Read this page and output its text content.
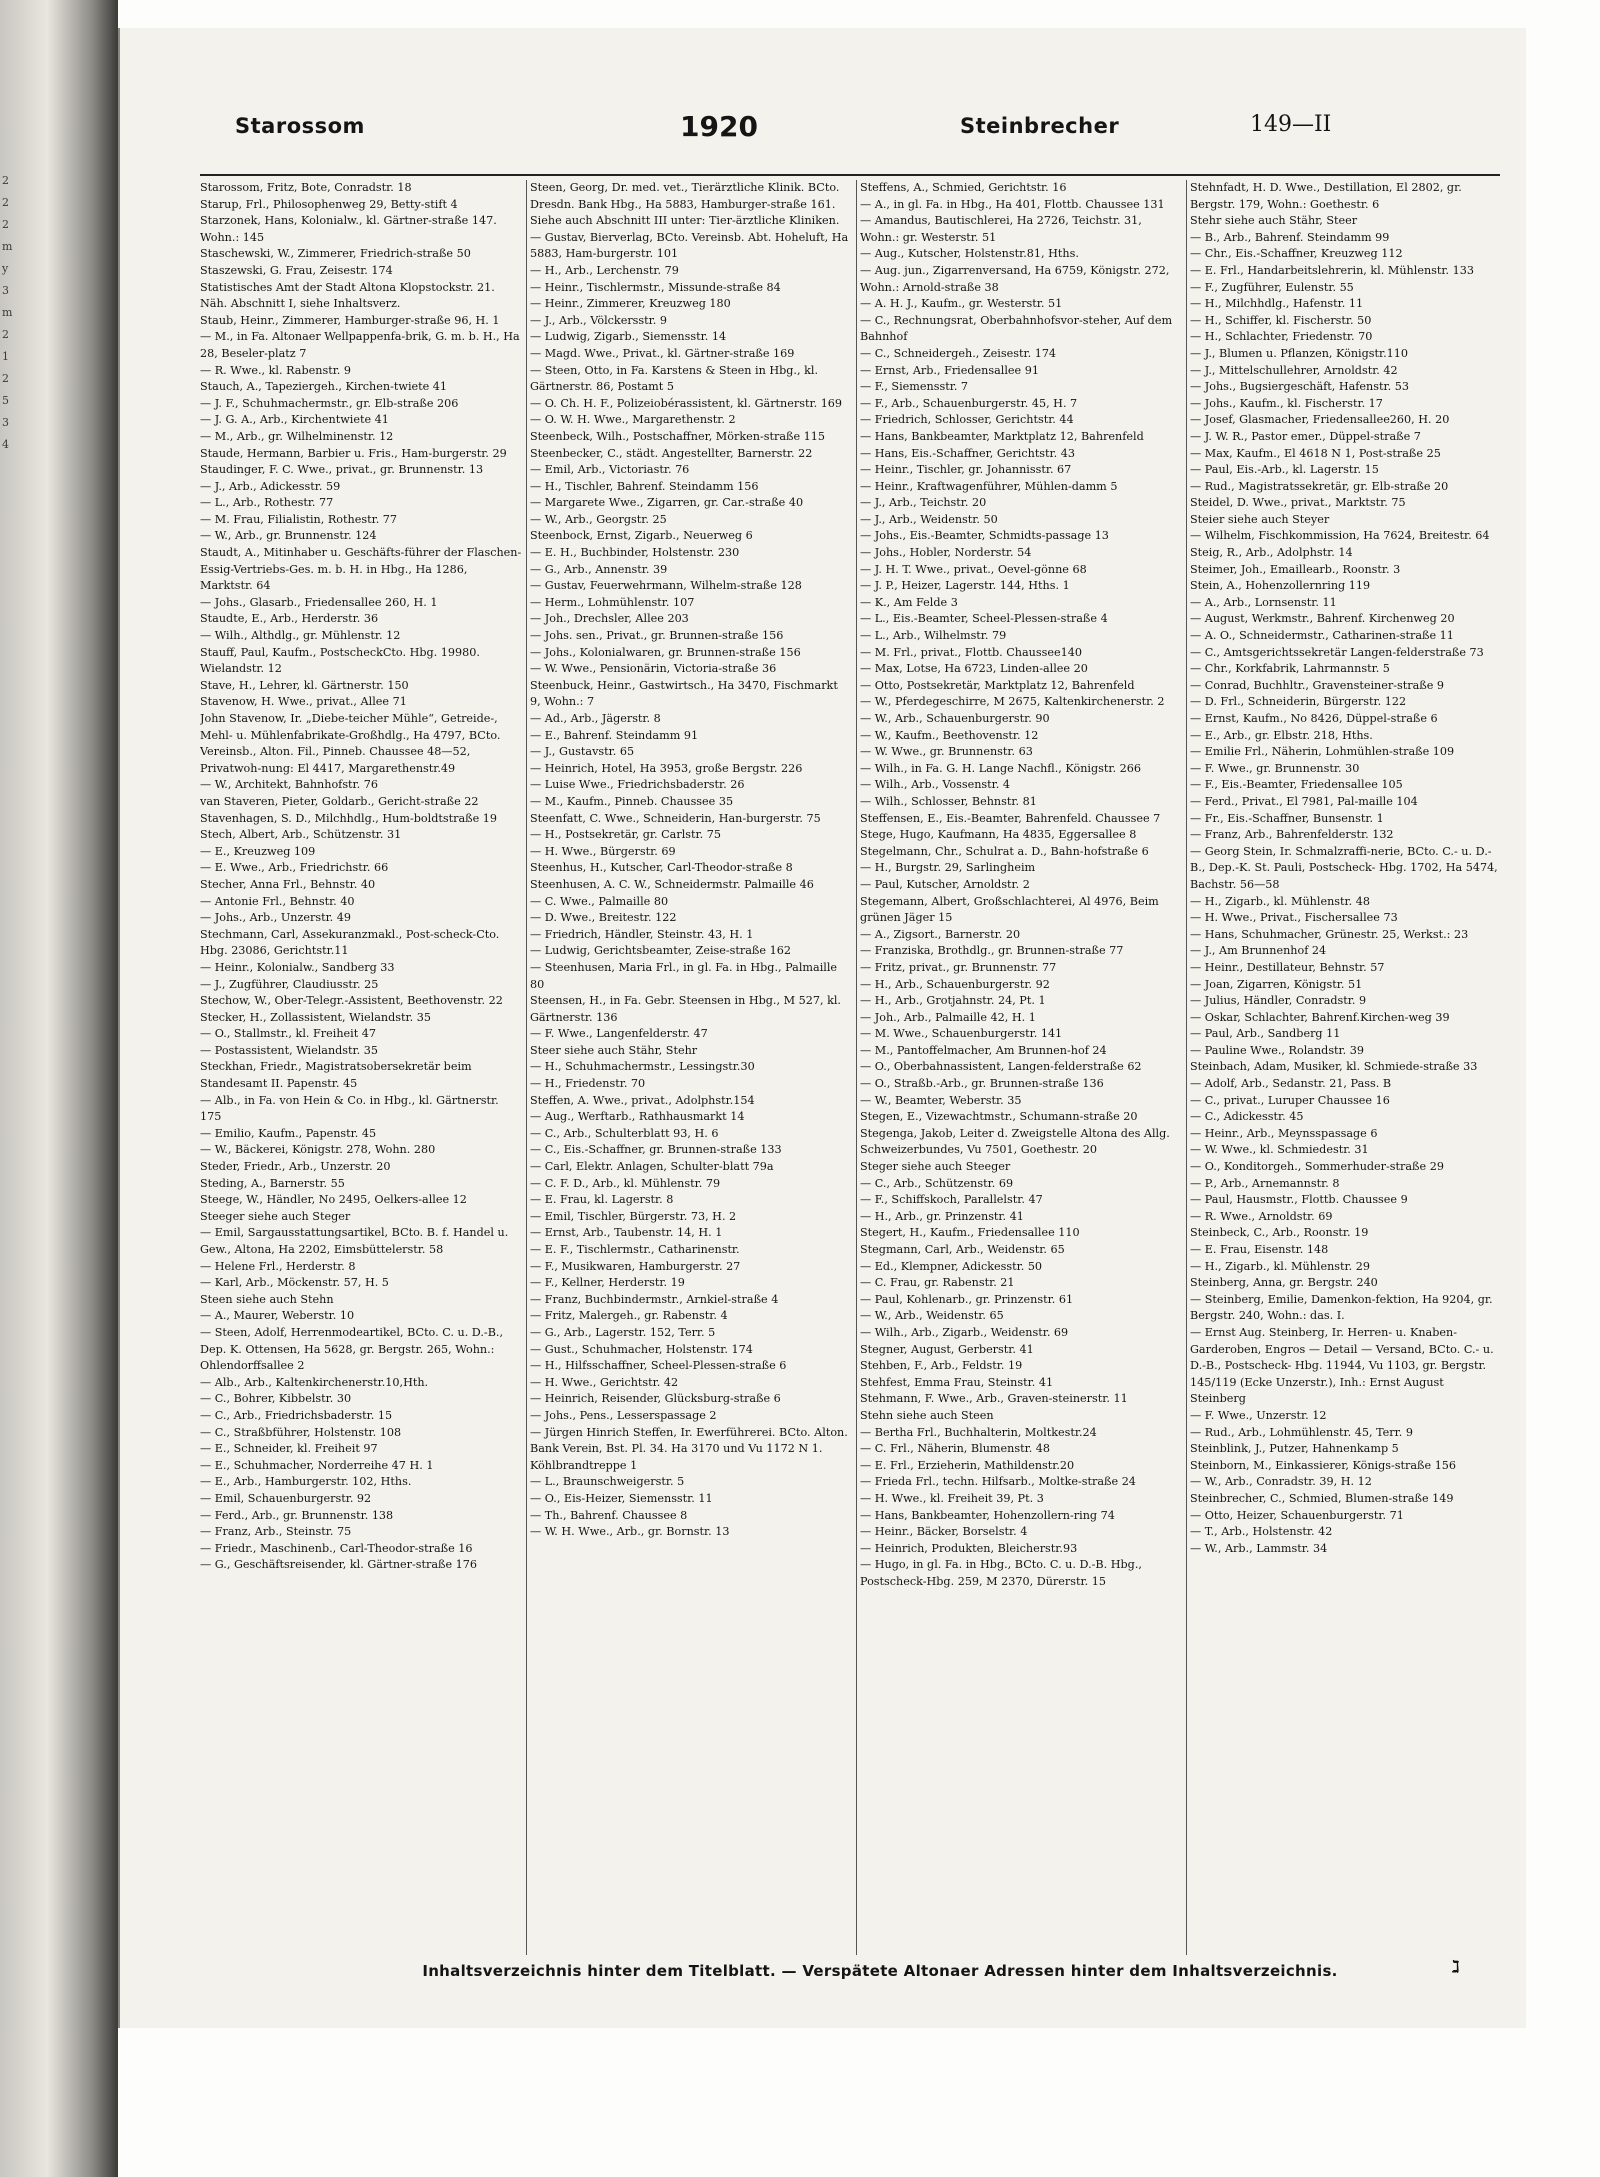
2
2
2
m
y
3
m
2
1
2
5
3
4
Starossom	1920	Steinbrecher	149—II

Starossom, Fritz, Bote, Conradstr. 18

Starup, Frl., Philosophenweg 29, Betty-stift 4

Starzonek, Hans, Kolonialw., kl. Gärtner-straße 147. Wohn.: 145

Staschewski, W., Zimmerer, Friedrich-straße 50

Staszewski, G. Frau, Zeisestr. 174

Statistisches Amt der Stadt Altona Klopstockstr. 21. Näh. Abschnitt I, siehe Inhaltsverz.

Staub, Heinr., Zimmerer, Hamburger-straße 96, H. 1

— M., in Fa. Altonaer Wellpappenfa-brik, G. m. b. H., Ha 28, Beseler-platz 7

— R. Wwe., kl. Rabenstr. 9

Stauch, A., Tapeziergeh., Kirchen-twiete 41

— J. F., Schuhmachermstr., gr. Elb-straße 206

— J. G. A., Arb., Kirchentwiete 41

— M., Arb., gr. Wilhelminenstr. 12

Staude, Hermann, Barbier u. Fris., Ham-burgerstr. 29

Staudinger, F. C. Wwe., privat., gr. Brunnenstr. 13

— J., Arb., Adickesstr. 59

— L., Arb., Rothestr. 77

— M. Frau, Filialistin, Rothestr. 77

— W., Arb., gr. Brunnenstr. 124

Staudt, A., Mitinhaber u. Geschäfts-führer der Flaschen-Essig-Vertriebs-Ges. m. b. H. in Hbg., Ha 1286, Marktstr. 64

— Johs., Glasarb., Friedensallee 260, H. 1

Staudte, E., Arb., Herderstr. 36

— Wilh., Althdlg., gr. Mühlenstr. 12

Stauff, Paul, Kaufm., PostscheckCto. Hbg. 19980. Wielandstr. 12

Stave, H., Lehrer, kl. Gärtnerstr. 150

Stavenow, H. Wwe., privat., Allee 71

John Stavenow, Ir. „Diebe-teicher Mühle“, Getreide-, Mehl- u. Mühlenfabrikate-Großhdlg., Ha 4797, BCto. Vereinsb., Alton. Fil., Pinneb. Chaussee 48—52, Privatwoh-nung: El 4417, Margarethenstr.49

— W., Architekt, Bahnhofstr. 76

van Staveren, Pieter, Goldarb., Gericht-straße 22

Stavenhagen, S. D., Milchhdlg., Hum-boldtstraße 19

Stech, Albert, Arb., Schützenstr. 31

— E., Kreuzweg 109

— E. Wwe., Arb., Friedrichstr. 66

Stecher, Anna Frl., Behnstr. 40

— Antonie Frl., Behnstr. 40

— Johs., Arb., Unzerstr. 49

Stechmann, Carl, Assekuranzmakl., Post-scheck-Cto. Hbg. 23086, Gerichtstr.11

— Heinr., Kolonialw., Sandberg 33

— J., Zugführer, Claudiusstr. 25

Stechow, W., Ober-Telegr.-Assistent, Beethovenstr. 22

Stecker, H., Zollassistent, Wielandstr. 35

— O., Stallmstr., kl. Freiheit 47

— Postassistent, Wielandstr. 35

Steckhan, Friedr., Magistratsobersekretär beim Standesamt II. Papenstr. 45

— Alb., in Fa. von Hein & Co. in Hbg., kl. Gärtnerstr. 175

— Emilio, Kaufm., Papenstr. 45

— W., Bäckerei, Königstr. 278, Wohn. 280

Steder, Friedr., Arb., Unzerstr. 20

Steding, A., Barnerstr. 55

Steege, W., Händler, No 2495, Oelkers-allee 12

Steeger siehe auch Steger

— Emil, Sargausstattungsartikel, BCto. B. f. Handel u. Gew., Altona, Ha 2202, Eimsbüttelerstr. 58

— Helene Frl., Herderstr. 8

— Karl, Arb., Möckenstr. 57, H. 5

Steen siehe auch Stehn

— A., Maurer, Weberstr. 10

— Steen, Adolf, Herrenmodeartikel, BCto. C. u. D.-B., Dep. K. Ottensen, Ha 5628, gr. Bergstr. 265, Wohn.: Ohlendorffsallee 2

— Alb., Arb., Kaltenkirchenerstr.10,Hth.

— C., Bohrer, Kibbelstr. 30

— C., Arb., Friedrichsbaderstr. 15

— C., Straßbführer, Holstenstr. 108

— E., Schneider, kl. Freiheit 97

— E., Schuhmacher, Norderreihe 47 H. 1

— E., Arb., Hamburgerstr. 102, Hths.

— Emil, Schauenburgerstr. 92

— Ferd., Arb., gr. Brunnenstr. 138

— Franz, Arb., Steinstr. 75

— Friedr., Maschinenb., Carl-Theodor-straße 16

— G., Geschäftsreisender, kl. Gärtner-straße 176

Steen, Georg, Dr. med. vet., Tierärztliche Klinik. BCto. Dresdn. Bank Hbg., Ha 5883, Hamburger-straße 161.

Siehe auch Abschnitt III unter: Tier-ärztliche Kliniken.

— Gustav, Bierverlag, BCto. Vereinsb. Abt. Hoheluft, Ha 5883, Ham-burgerstr. 101

— H., Arb., Lerchenstr. 79

— Heinr., Tischlermstr., Missunde-straße 84

— Heinr., Zimmerer, Kreuzweg 180

— J., Arb., Völckersstr. 9

— Ludwig, Zigarb., Siemensstr. 14

— Magd. Wwe., Privat., kl. Gärtner-straße 169

— Steen, Otto, in Fa. Karstens & Steen in Hbg., kl. Gärtnerstr. 86, Postamt 5

— O. Ch. H. F., Polizeiobérassistent, kl. Gärtnerstr. 169

— O. W. H. Wwe., Margarethenstr. 2

Steenbeck, Wilh., Postschaffner, Mörken-straße 115

Steenbecker, C., städt. Angestellter, Barnerstr. 22

— Emil, Arb., Victoriastr. 76

— H., Tischler, Bahrenf. Steindamm 156

— Margarete Wwe., Zigarren, gr. Car.-straße 40

— W., Arb., Georgstr. 25

Steenbock, Ernst, Zigarb., Neuerweg 6

— E. H., Buchbinder, Holstenstr. 230

— G., Arb., Annenstr. 39

— Gustav, Feuerwehrmann, Wilhelm-straße 128

— Herm., Lohmühlenstr. 107

— Joh., Drechsler, Allee 203

— Johs. sen., Privat., gr. Brunnen-straße 156

— Johs., Kolonialwaren, gr. Brunnen-straße 156

— W. Wwe., Pensionärin, Victoria-straße 36

Steenbuck, Heinr., Gastwirtsch., Ha 3470, Fischmarkt 9, Wohn.: 7

— Ad., Arb., Jägerstr. 8

— E., Bahrenf. Steindamm 91

— J., Gustavstr. 65

— Heinrich, Hotel, Ha 3953, große Bergstr. 226

— Luise Wwe., Friedrichsbaderstr. 26

— M., Kaufm., Pinneb. Chaussee 35

Steenfatt, C. Wwe., Schneiderin, Han-burgerstr. 75

— H., Postsekretär, gr. Carlstr. 75

— H. Wwe., Bürgerstr. 69

Steenhus, H., Kutscher, Carl-Theodor-straße 8

Steenhusen, A. C. W., Schneidermstr. Palmaille 46

— C. Wwe., Palmaille 80

— D. Wwe., Breitestr. 122

— Friedrich, Händler, Steinstr. 43, H. 1

— Ludwig, Gerichtsbeamter, Zeise-straße 162

— Steenhusen, Maria Frl., in gl. Fa. in Hbg., Palmaille 80

Steensen, H., in Fa. Gebr. Steensen in Hbg., M 527, kl. Gärtnerstr. 136

— F. Wwe., Langenfelderstr. 47

Steer siehe auch Stähr, Stehr

— H., Schuhmachermstr., Lessingstr.30

— H., Friedenstr. 70

Steffen, A. Wwe., privat., Adolphstr.154

— Aug., Werftarb., Rathhausmarkt 14

— C., Arb., Schulterblatt 93, H. 6

— C., Eis.-Schaffner, gr. Brunnen-straße 133

— Carl, Elektr. Anlagen, Schulter-blatt 79a

— C. F. D., Arb., kl. Mühlenstr. 79

— E. Frau, kl. Lagerstr. 8

— Emil, Tischler, Bürgerstr. 73, H. 2

— Ernst, Arb., Taubenstr. 14, H. 1

— E. F., Tischlermstr., Catharinenstr.

— F., Musikwaren, Hamburgerstr. 27

— F., Kellner, Herderstr. 19

— Franz, Buchbindermstr., Arnkiel-straße 4

— Fritz, Malergeh., gr. Rabenstr. 4

— G., Arb., Lagerstr. 152, Terr. 5

— Gust., Schuhmacher, Holstenstr. 174

— H., Hilfsschaffner, Scheel-Plessen-straße 6

— H. Wwe., Gerichtstr. 42

— Heinrich, Reisender, Glücksburg-straße 6

— Johs., Pens., Lesserspassage 2

— Jürgen Hinrich Steffen, Ir. Ewerführerei. BCto. Alton. Bank Verein, Bst. Pl. 34. Ha 3170 und Vu 1172 N 1. Köhlbrandtreppe 1

— L., Braunschweigerstr. 5

— O., Eis-Heizer, Siemensstr. 11

— Th., Bahrenf. Chaussee 8

— W. H. Wwe., Arb., gr. Bornstr. 13

Steffens, A., Schmied, Gerichtstr. 16

— A., in gl. Fa. in Hbg., Ha 401, Flottb. Chaussee 131

— Amandus, Bautischlerei, Ha 2726, Teichstr. 31, Wohn.: gr. Westerstr. 51

— Aug., Kutscher, Holstenstr.81, Hths.

— Aug. jun., Zigarrenversand, Ha 6759, Königstr. 272, Wohn.: Arnold-straße 38

— A. H. J., Kaufm., gr. Westerstr. 51

— C., Rechnungsrat, Oberbahnhofsvor-steher, Auf dem Bahnhof

— C., Schneidergeh., Zeisestr. 174

— Ernst, Arb., Friedensallee 91

— F., Siemensstr. 7

— F., Arb., Schauenburgerstr. 45, H. 7

— Friedrich, Schlosser, Gerichtstr. 44

— Hans, Bankbeamter, Marktplatz 12, Bahrenfeld

— Hans, Eis.-Schaffner, Gerichtstr. 43

— Heinr., Tischler, gr. Johannisstr. 67

— Heinr., Kraftwagenführer, Mühlen-damm 5

— J., Arb., Teichstr. 20

— J., Arb., Weidenstr. 50

— Johs., Eis.-Beamter, Schmidts-passage 13

— Johs., Hobler, Norderstr. 54

— J. H. T. Wwe., privat., Oevel-gönne 68

— J. P., Heizer, Lagerstr. 144, Hths. 1

— K., Am Felde 3

— L., Eis.-Beamter, Scheel-Plessen-straße 4

— L., Arb., Wilhelmstr. 79

— M. Frl., privat., Flottb. Chaussee140

— Max, Lotse, Ha 6723, Linden-allee 20

— Otto, Postsekretär, Marktplatz 12, Bahrenfeld

— W., Pferdegeschirre, M 2675, Kaltenkirchenerstr. 2

— W., Arb., Schauenburgerstr. 90

— W., Kaufm., Beethovenstr. 12

— W. Wwe., gr. Brunnenstr. 63

— Wilh., in Fa. G. H. Lange Nachfl., Königstr. 266

— Wilh., Arb., Vossenstr. 4

— Wilh., Schlosser, Behnstr. 81

Steffensen, E., Eis.-Beamter, Bahrenfeld. Chaussee 7

Stege, Hugo, Kaufmann, Ha 4835, Eggersallee 8

Stegelmann, Chr., Schulrat a. D., Bahn-hofstraße 6

— H., Burgstr. 29, Sarlingheim

— Paul, Kutscher, Arnoldstr. 2

Stegemann, Albert, Großschlachterei, Al 4976, Beim grünen Jäger 15

— A., Zigsort., Barnerstr. 20

— Franziska, Brothdlg., gr. Brunnen-straße 77

— Fritz, privat., gr. Brunnenstr. 77

— H., Arb., Schauenburgerstr. 92

— H., Arb., Grotjahnstr. 24, Pt. 1

— Joh., Arb., Palmaille 42, H. 1

— M. Wwe., Schauenburgerstr. 141

— M., Pantoffelmacher, Am Brunnen-hof 24

— O., Oberbahnassistent, Langen-felderstraße 62

— O., Straßb.-Arb., gr. Brunnen-straße 136

— W., Beamter, Weberstr. 35

Stegen, E., Vizewachtmstr., Schumann-straße 20

Stegenga, Jakob, Leiter d. Zweigstelle Altona des Allg. Schweizerbundes, Vu 7501, Goethestr. 20

Steger siehe auch Steeger

— C., Arb., Schützenstr. 69

— F., Schiffskoch, Parallelstr. 47

— H., Arb., gr. Prinzenstr. 41

Stegert, H., Kaufm., Friedensallee 110

Stegmann, Carl, Arb., Weidenstr. 65

— Ed., Klempner, Adickesstr. 50

— C. Frau, gr. Rabenstr. 21

— Paul, Kohlenarb., gr. Prinzenstr. 61

— W., Arb., Weidenstr. 65

— Wilh., Arb., Zigarb., Weidenstr. 69

Stegner, August, Gerberstr. 41

Stehben, F., Arb., Feldstr. 19

Stehfest, Emma Frau, Steinstr. 41

Stehmann, F. Wwe., Arb., Graven-steinerstr. 11

Stehn siehe auch Steen

— Bertha Frl., Buchhalterin, Moltkestr.24

— C. Frl., Näherin, Blumenstr. 48

— E. Frl., Erzieherin, Mathildenstr.20

— Frieda Frl., techn. Hilfsarb., Moltke-straße 24

— H. Wwe., kl. Freiheit 39, Pt. 3

— Hans, Bankbeamter, Hohenzollern-ring 74

— Heinr., Bäcker, Borselstr. 4

— Heinrich, Produkten, Bleicherstr.93

— Hugo, in gl. Fa. in Hbg., BCto. C. u. D.-B. Hbg., Postscheck-Hbg. 259, M 2370, Dürerstr. 15

Stehnfadt, H. D. Wwe., Destillation, El 2802, gr. Bergstr. 179, Wohn.: Goethestr. 6

Stehr siehe auch Stähr, Steer

— B., Arb., Bahrenf. Steindamm 99

— Chr., Eis.-Schaffner, Kreuzweg 112

— E. Frl., Handarbeitslehrerin, kl. Mühlenstr. 133

— F., Zugführer, Eulenstr. 55

— H., Milchhdlg., Hafenstr. 11

— H., Schiffer, kl. Fischerstr. 50

— H., Schlachter, Friedenstr. 70

— J., Blumen u. Pflanzen, Königstr.110

— J., Mittelschullehrer, Arnoldstr. 42

— Johs., Bugsiergeschäft, Hafenstr. 53

— Johs., Kaufm., kl. Fischerstr. 17

— Josef, Glasmacher, Friedensallee260, H. 20

— J. W. R., Pastor emer., Düppel-straße 7

— Max, Kaufm., El 4618 N 1, Post-straße 25

— Paul, Eis.-Arb., kl. Lagerstr. 15

— Rud., Magistratssekretär, gr. Elb-straße 20

Steidel, D. Wwe., privat., Marktstr. 75

Steier siehe auch Steyer

— Wilhelm, Fischkommission, Ha 7624, Breitestr. 64

Steig, R., Arb., Adolphstr. 14

Steimer, Joh., Emaillearb., Roonstr. 3

Stein, A., Hohenzollernring 119

— A., Arb., Lornsenstr. 11

— August, Werkmstr., Bahrenf. Kirchenweg 20

— A. O., Schneidermstr., Catharinen-straße 11

— C., Amtsgerichtssekretär Langen-felderstraße 73

— Chr., Korkfabrik, Lahrmannstr. 5

— Conrad, Buchhltr., Gravensteiner-straße 9

— D. Frl., Schneiderin, Bürgerstr. 122

— Ernst, Kaufm., No 8426, Düppel-straße 6

— E., Arb., gr. Elbstr. 218, Hths.

— Emilie Frl., Näherin, Lohmühlen-straße 109

— F. Wwe., gr. Brunnenstr. 30

— F., Eis.-Beamter, Friedensallee 105

— Ferd., Privat., El 7981, Pal-maille 104

— Fr., Eis.-Schaffner, Bunsenstr. 1

— Franz, Arb., Bahrenfelderstr. 132

— Georg Stein, Ir. Schmalzraffi-nerie, BCto. C.- u. D.-B., Dep.-K. St. Pauli, Postscheck- Hbg. 1702, Ha 5474, Bachstr. 56—58

— H., Zigarb., kl. Mühlenstr. 48

— H. Wwe., Privat., Fischersallee 73

— Hans, Schuhmacher, Grünestr. 25, Werkst.: 23

— J., Am Brunnenhof 24

— Heinr., Destillateur, Behnstr. 57

— Joan, Zigarren, Königstr. 51

— Julius, Händler, Conradstr. 9

— Oskar, Schlachter, Bahrenf.Kirchen-weg 39

— Paul, Arb., Sandberg 11

— Pauline Wwe., Rolandstr. 39

Steinbach, Adam, Musiker, kl. Schmiede-straße 33

— Adolf, Arb., Sedanstr. 21, Pass. B

— C., privat., Luruper Chaussee 16

— C., Adickesstr. 45

— Heinr., Arb., Meynsspassage 6

— W. Wwe., kl. Schmiedestr. 31

— O., Konditorgeh., Sommerhuder-straße 29

— P., Arb., Arnemannstr. 8

— Paul, Hausmstr., Flottb. Chaussee 9

— R. Wwe., Arnoldstr. 69

Steinbeck, C., Arb., Roonstr. 19

— E. Frau, Eisenstr. 148

— H., Zigarb., kl. Mühlenstr. 29

Steinberg, Anna, gr. Bergstr. 240

— Steinberg, Emilie, Damenkon-fektion, Ha 9204, gr. Bergstr. 240, Wohn.: das. I.

— Ernst Aug. Steinberg, Ir. Herren- u. Knaben-Garderoben, Engros — Detail — Versand, BCto. C.- u. D.-B., Postscheck- Hbg. 11944, Vu 1103, gr. Bergstr. 145/119 (Ecke Unzerstr.), Inh.: Ernst August Steinberg

— F. Wwe., Unzerstr. 12

— Rud., Arb., Lohmühlenstr. 45, Terr. 9

Steinblink, J., Putzer, Hahnenkamp 5

Steinborn, M., Einkassierer, Königs-straße 156

— W., Arb., Conradstr. 39, H. 12

Steinbrecher, C., Schmied, Blumen-straße 149

— Otto, Heizer, Schauenburgerstr. 71

— T., Arb., Holstenstr. 42

— W., Arb., Lammstr. 34

Inhaltsverzeichnis hinter dem Titelblatt. — Verspätete Altonaer Adressen hinter dem Inhaltsverzeichnis.	ℷ
